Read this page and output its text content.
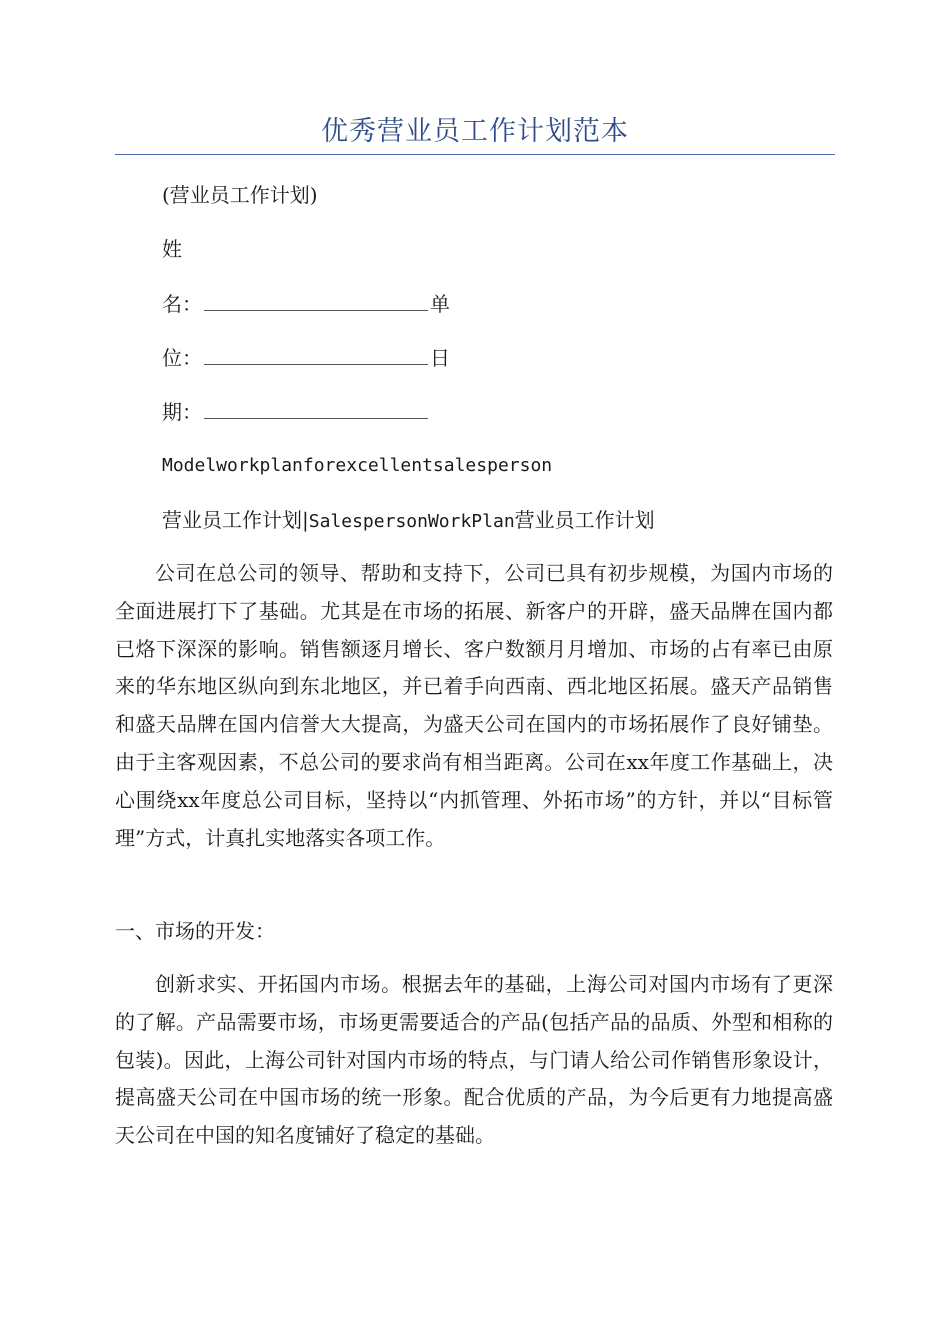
优秀营业员工作计划范本
(营业员工作计划)
姓
名：	单
位：	日
期：
Modelworkplanforexcellentsalesperson
营业员工作计划|SalespersonWorkPlan营业员工作计划

公司在总公司的领导、帮助和支持下，公司已具有初步规模，为国内市场的全面进展打下了基础。尤其是在市场的拓展、新客户的开辟，盛天品牌在国内都已烙下深深的影响。销售额逐月增长、客户数额月月增加、市场的占有率已由原来的华东地区纵向到东北地区，并已着手向西南、西北地区拓展。盛天产品销售和盛天品牌在国内信誉大大提高，为盛天公司在国内的市场拓展作了良好铺垫。由于主客观因素，不总公司的要求尚有相当距离。公司在xx年度工作基础上，决心围绕xx年度总公司目标，坚持以“内抓管理、外拓市场”的方针，并以“目标管理”方式，计真扎实地落实各项工作。

一、市场的开发：

创新求实、开拓国内市场。根据去年的基础，上海公司对国内市场有了更深的了解。产品需要市场，市场更需要适合的产品(包括产品的品质、外型和相称的包装)。因此，上海公司针对国内市场的特点，与门请人给公司作销售形象设计，提高盛天公司在中国市场的统一形象。配合优质的产品，为今后更有力地提高盛天公司在中国的知名度铺好了稳定的基础。
